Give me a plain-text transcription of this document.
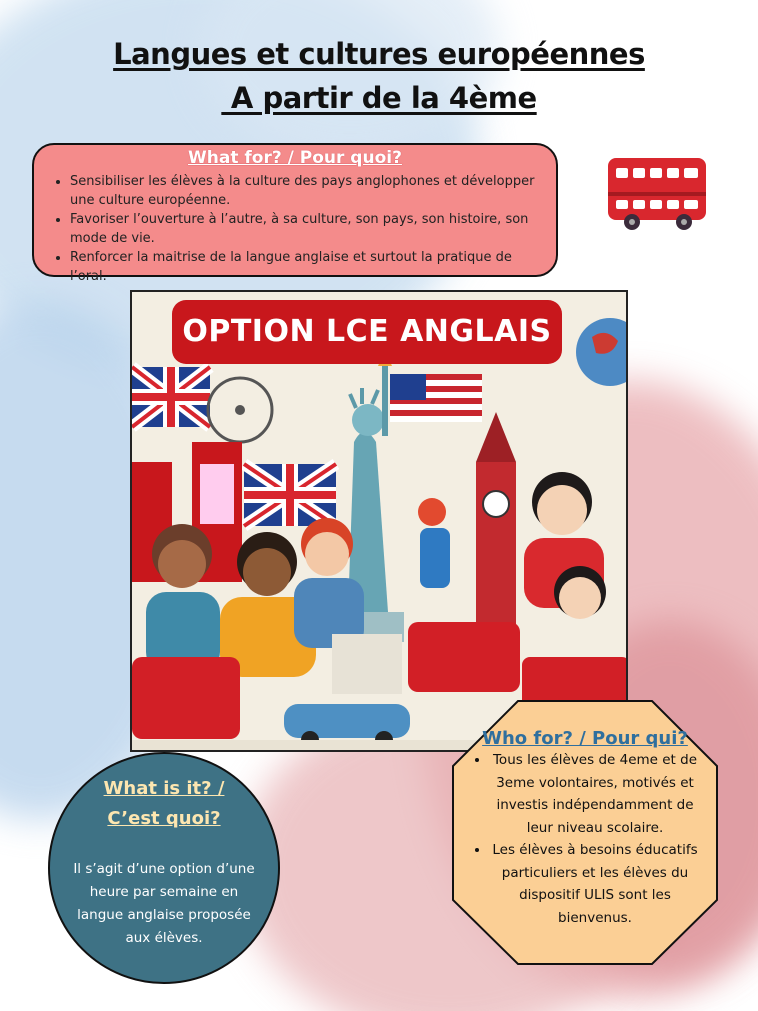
Langues et cultures européennes
A partir de la 4ème
What for? / Pour quoi?
• Sensibiliser les élèves à la culture des pays anglophones et développer une culture européenne.
• Favoriser l’ouverture à l’autre, à sa culture, son pays, son histoire, son mode de vie.
• Renforcer la maitrise de la langue anglaise et surtout la pratique de l’oral.
OPTION LCE ANGLAIS
What is it? /
C’est quoi?

Il s’agit d’une option d’une heure par semaine en langue anglaise proposée aux élèves.

Who for? / Pour qui?
• Tous les élèves de 4eme et de 3eme volontaires, motivés et investis indépendamment de leur niveau scolaire.
• Les élèves à besoins éducatifs particuliers et les élèves du dispositif ULIS sont les bienvenus.
